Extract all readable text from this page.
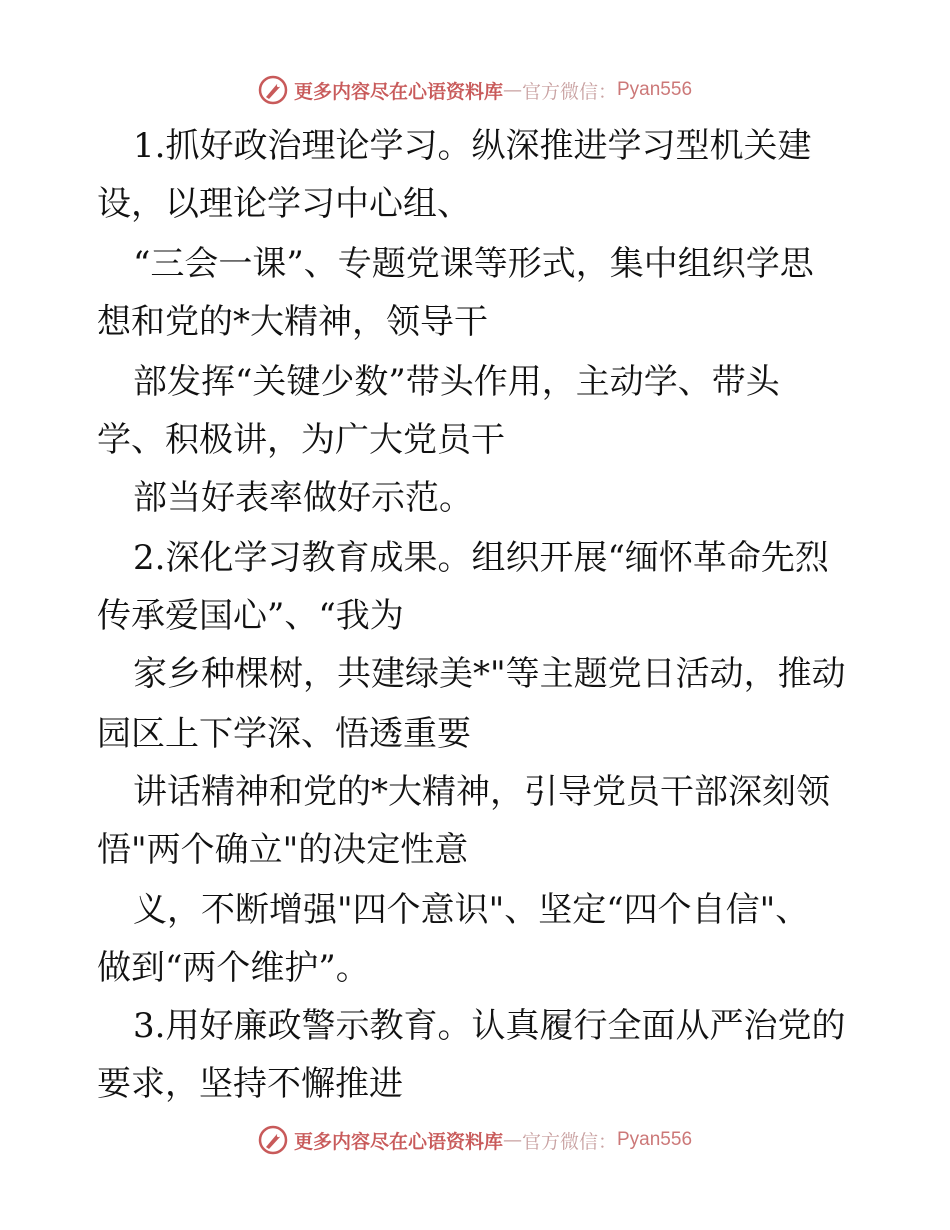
更多内容尽在心语资料库 — 官方微信： Pyan556
1.抓好政治理论学习。纵深推进学习型机关建
设，以理论学习中心组、
“三会一课”、专题党课等形式，集中组织学思
想和党的*大精神，领导干
部发挥“关键少数”带头作用，主动学、带头
学、积极讲，为广大党员干
部当好表率做好示范。
2.深化学习教育成果。组织开展“缅怀革命先烈
传承爱国心”、“我为
家乡种棵树，共建绿美*"等主题党日活动，推动
园区上下学深、悟透重要
讲话精神和党的*大精神，引导党员干部深刻领
悟"两个确立"的决定性意
义，不断增强"四个意识"、坚定“四个自信"、
做到“两个维护”。
3.用好廉政警示教育。认真履行全面从严治党的
要求，坚持不懈推进
更多内容尽在心语资料库 — 官方微信： Pyan556
